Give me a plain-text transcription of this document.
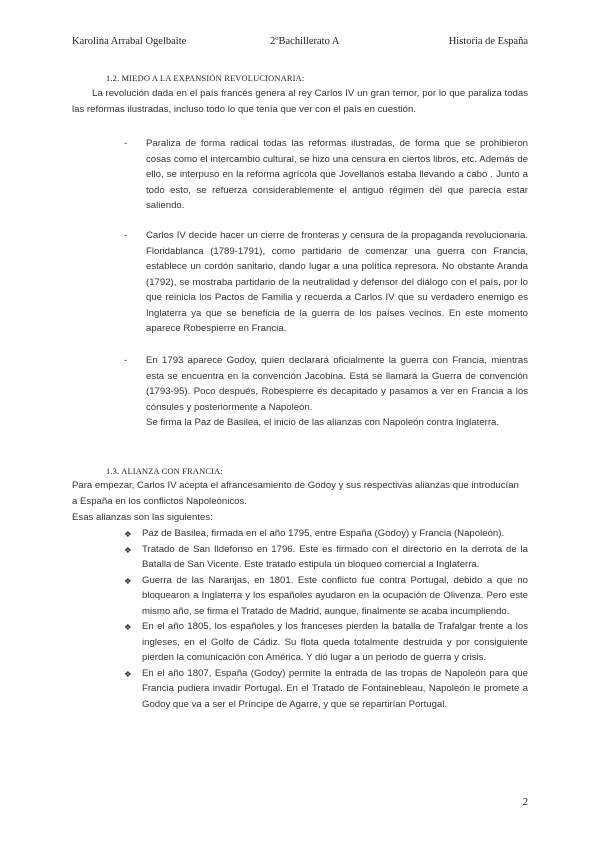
Karolina Arrabal Ogelbaite	2ºBachillerato A	Historia de España
1.2. MIEDO A LA EXPANSIÓN REVOLUCIONARIA:

La revolución dada en el país francés genera al rey Carlos IV un gran temor, por lo que paraliza todas las reformas ilustradas, incluso todo lo que tenía que ver con el país en cuestión.

- Paraliza de forma radical todas las reformas ilustradas, de forma que se prohibieron cosas como el intercambio cultural, se hizo una censura en ciertos libros, etc. Además de ello, se interpuso en la reforma agrícola que Jovellanos estaba llevando a cabo . Junto a todo esto, se refuerza considerablemente el antiguo régimen del que parecía estar saliendo.

- Carlos IV decide hacer un cierre de fronteras y censura de la propaganda revolucionaria. Floridablanca (1789-1791), como partidario de comenzar una guerra con Francia, establece un cordón sanitario, dando lugar a una política represora. No obstante Aranda (1792), se mostraba partidario de la neutralidad y defensor del diálogo con el país, por lo que reinicia los Pactos de Familia y recuerda a Carlos IV que su verdadero enemigo es Inglaterra ya que se beneficia de la guerra de los países vecinos. En este momento aparece Robespierre en Francia.

- En 1793 aparece Godoy, quien declarará oficialmente la guerra con Francia, mientras esta se encuentra en la convención Jacobina. Está se llamará la Guerra de convención (1793-95). Poco después, Robespierre es decapitado y pasamos a ver en Francia a los cónsules y posteriormente a Napoleón.

Se firma la Paz de Basilea, el inicio de las alianzas con Napoleón contra Inglaterra.

1.3. ALIANZA CON FRANCIA:

Para empezar, Carlos IV acepta el afrancesamiento de Godoy y sus respectivas alianzas que introducían a España en los conflictos Napoleónicos.

Esas alianzas son las siguientes:

❖ Paz de Basilea, firmada en el año 1795, entre España (Godoy) y Francia (Napoleón).

❖ Tratado de San Ildefonso en 1796. Este es firmado con el directorio en la derrota de la Batalla de San Vicente. Este tratado estipula un bloqueo comercial a Inglaterra.

❖ Guerra de las Naranjas, en 1801. Este conflicto fue contra Portugal, debido a que no bloquearon a Inglaterra y los españoles ayudaron en la ocupación de Olivenza. Pero este mismo año, se firma el Tratado de Madrid, aunque, finalmente se acaba incumpliendo.

❖ En el año 1805, los españoles y los franceses pierden la batalla de Trafalgar frente a los ingleses, en el Golfo de Cádiz. Su flota queda totalmente destruida y por consiguiente pierden la comunicación con América. Y dió lugar a un periodo de guerra y crisis.

❖ En el año 1807, España (Godoy) permite la entrada de las tropas de Napoleón para que Francia pudiera invadir Portugal. En el Tratado de Fontainebleau, Napoleón le promete a Godoy que va a ser el Príncipe de Agarre, y que se repartirían Portugal.

2
